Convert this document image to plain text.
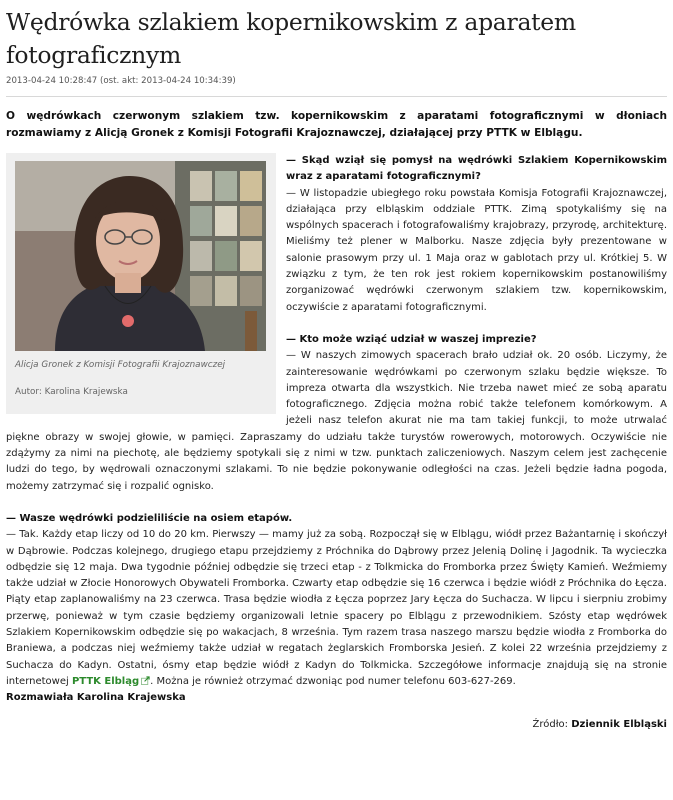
Wędrówka szlakiem kopernikowskim z aparatem fotograficznym
2013-04-24 10:28:47 (ost. akt: 2013-04-24 10:34:39)

O wędrówkach czerwonym szlakiem tzw. kopernikowskim z aparatami fotograficznymi w dłoniach rozmawiamy z Alicją Gronek z Komisji Fotografii Krajoznawczej, działającej przy PTTK w Elblągu.

Alicja Gronek z Komisji Fotografii Krajoznawczej
Autor: Karolina Krajewska

— Skąd wziął się pomysł na wędrówki Szlakiem Kopernikowskim wraz z aparatami fotograficznymi?

— W listopadzie ubiegłego roku powstała Komisja Fotografii Krajoznawczej, działająca przy elbląskim oddziale PTTK. Zimą spotykaliśmy się na wspólnych spacerach i fotografowaliśmy krajobrazy, przyrodę, architekturę. Mieliśmy też plener w Malborku. Nasze zdjęcia były prezentowane w salonie prasowym przy ul. 1 Maja oraz w gablotach przy ul. Krótkiej 5. W związku z tym, że ten rok jest rokiem kopernikowskim postanowiliśmy zorganizować wędrówki czerwonym szlakiem tzw. kopernikowskim, oczywiście z aparatami fotograficznymi.

— Kto może wziąć udział w waszej imprezie?

— W naszych zimowych spacerach brało udział ok. 20 osób. Liczymy, że zainteresowanie wędrówkami po czerwonym szlaku będzie większe. To impreza otwarta dla wszystkich. Nie trzeba nawet mieć ze sobą aparatu fotograficznego. Zdjęcia można robić także telefonem komórkowym. A jeżeli nasz telefon akurat nie ma tam takiej funkcji, to może utrwalać piękne obrazy w swojej głowie, w pamięci. Zapraszamy do udziału także turystów rowerowych, motorowych. Oczywiście nie zdążymy za nimi na piechotę, ale będziemy spotykali się z nimi w tzw. punktach zaliczeniowych. Naszym celem jest zachęcenie ludzi do tego, by wędrowali oznaczonymi szlakami. To nie będzie pokonywanie odległości na czas. Jeżeli będzie ładna pogoda, możemy zatrzymać się i rozpalić ognisko.

— Wasze wędrówki podzieliliście na osiem etapów.

— Tak. Każdy etap liczy od 10 do 20 km. Pierwszy — mamy już za sobą. Rozpoczął się w Elblągu, wiódł przez Bażantarnię i skończył w Dąbrowie. Podczas kolejnego, drugiego etapu przejdziemy z Próchnika do Dąbrowy przez Jelenią Dolinę i Jagodnik. Ta wycieczka odbędzie się 12 maja. Dwa tygodnie później odbędzie się trzeci etap - z Tolkmicka do Fromborka przez Święty Kamień. Weźmiemy także udział w Złocie Honorowych Obywateli Fromborka. Czwarty etap odbędzie się 16 czerwca i będzie wiódł z Próchnika do Łęcza. Piąty etap zaplanowaliśmy na 23 czerwca. Trasa będzie wiodła z Łęcza poprzez Jary Łęcza do Suchacza. W lipcu i sierpniu zrobimy przerwę, ponieważ w tym czasie będziemy organizowali letnie spacery po Elblągu z przewodnikiem. Szósty etap wędrówek Szlakiem Kopernikowskim odbędzie się po wakacjach, 8 września. Tym razem trasa naszego marszu będzie wiodła z Fromborka do Braniewa, a podczas niej weźmiemy także udział w regatach żeglarskich Fromborska Jesień. Z kolei 22 września przejdziemy z Suchacza do Kadyn. Ostatni, ósmy etap będzie wiódł z Kadyn do Tolkmicka. Szczegółowe informacje znajdują się na stronie internetowej PTTK Elbląg . Można je również otrzymać dzwoniąc pod numer telefonu 603-627-269.

Rozmawiała Karolina Krajewska

Źródło: Dziennik Elbląski
